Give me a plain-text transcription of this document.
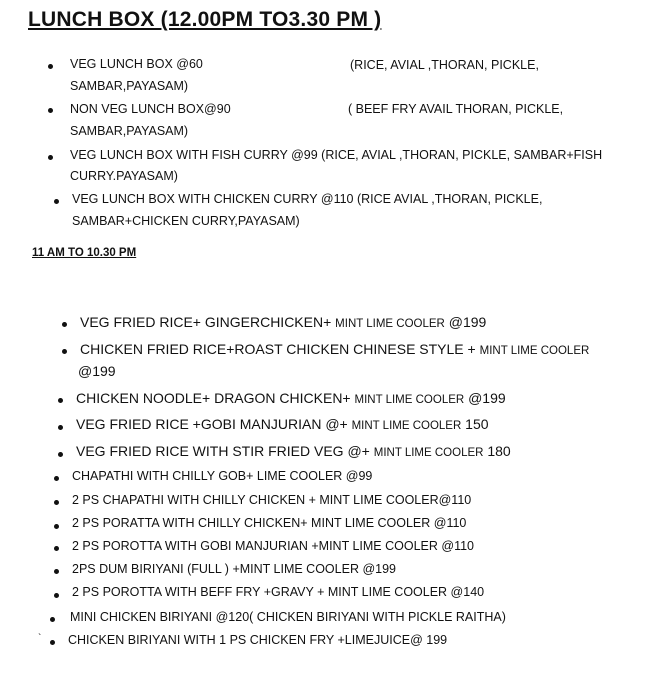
LUNCH BOX (12.00PM TO3.30 PM )
VEG LUNCH BOX @60	(RICE, AVIAL ,THORAN, PICKLE,
SAMBAR,PAYASAM)
NON VEG LUNCH BOX@90	( BEEF FRY AVAIL THORAN, PICKLE,
SAMBAR,PAYASAM)
VEG LUNCH BOX WITH FISH CURRY @99 (RICE, AVIAL ,THORAN, PICKLE, SAMBAR+FISH
CURRY.PAYASAM)
VEG LUNCH BOX WITH CHICKEN CURRY @110 (RICE AVIAL ,THORAN, PICKLE,
SAMBAR+CHICKEN CURRY,PAYASAM)
11 AM TO 10.30 PM
VEG FRIED RICE+ GINGERCHICKEN+ MINT LIME COOLER @199
CHICKEN FRIED RICE+ROAST CHICKEN CHINESE STYLE + MINT LIME COOLER
@199
CHICKEN NOODLE+ DRAGON CHICKEN+ MINT LIME COOLER @199
VEG FRIED RICE +GOBI MANJURIAN @+ MINT LIME COOLER 150
VEG FRIED RICE WITH STIR FRIED VEG @+ MINT LIME COOLER 180
CHAPATHI WITH CHILLY GOB+ LIME COOLER @99
2 PS CHAPATHI WITH CHILLY CHICKEN + MINT LIME COOLER@110
2 PS PORATTA WITH CHILLY CHICKEN+ MINT LIME COOLER @110
2 PS POROTTA WITH GOBI MANJURIAN +MINT LIME COOLER @110
2PS DUM BIRIYANI (FULL ) +MINT LIME COOLER @199
2 PS POROTTA WITH BEFF FRY +GRAVY + MINT LIME COOLER @140
MINI CHICKEN BIRIYANI @120( CHICKEN BIRIYANI WITH PICKLE RAITHA)
` CHICKEN BIRIYANI WITH 1 PS CHICKEN FRY +LIMEJUICE@ 199
